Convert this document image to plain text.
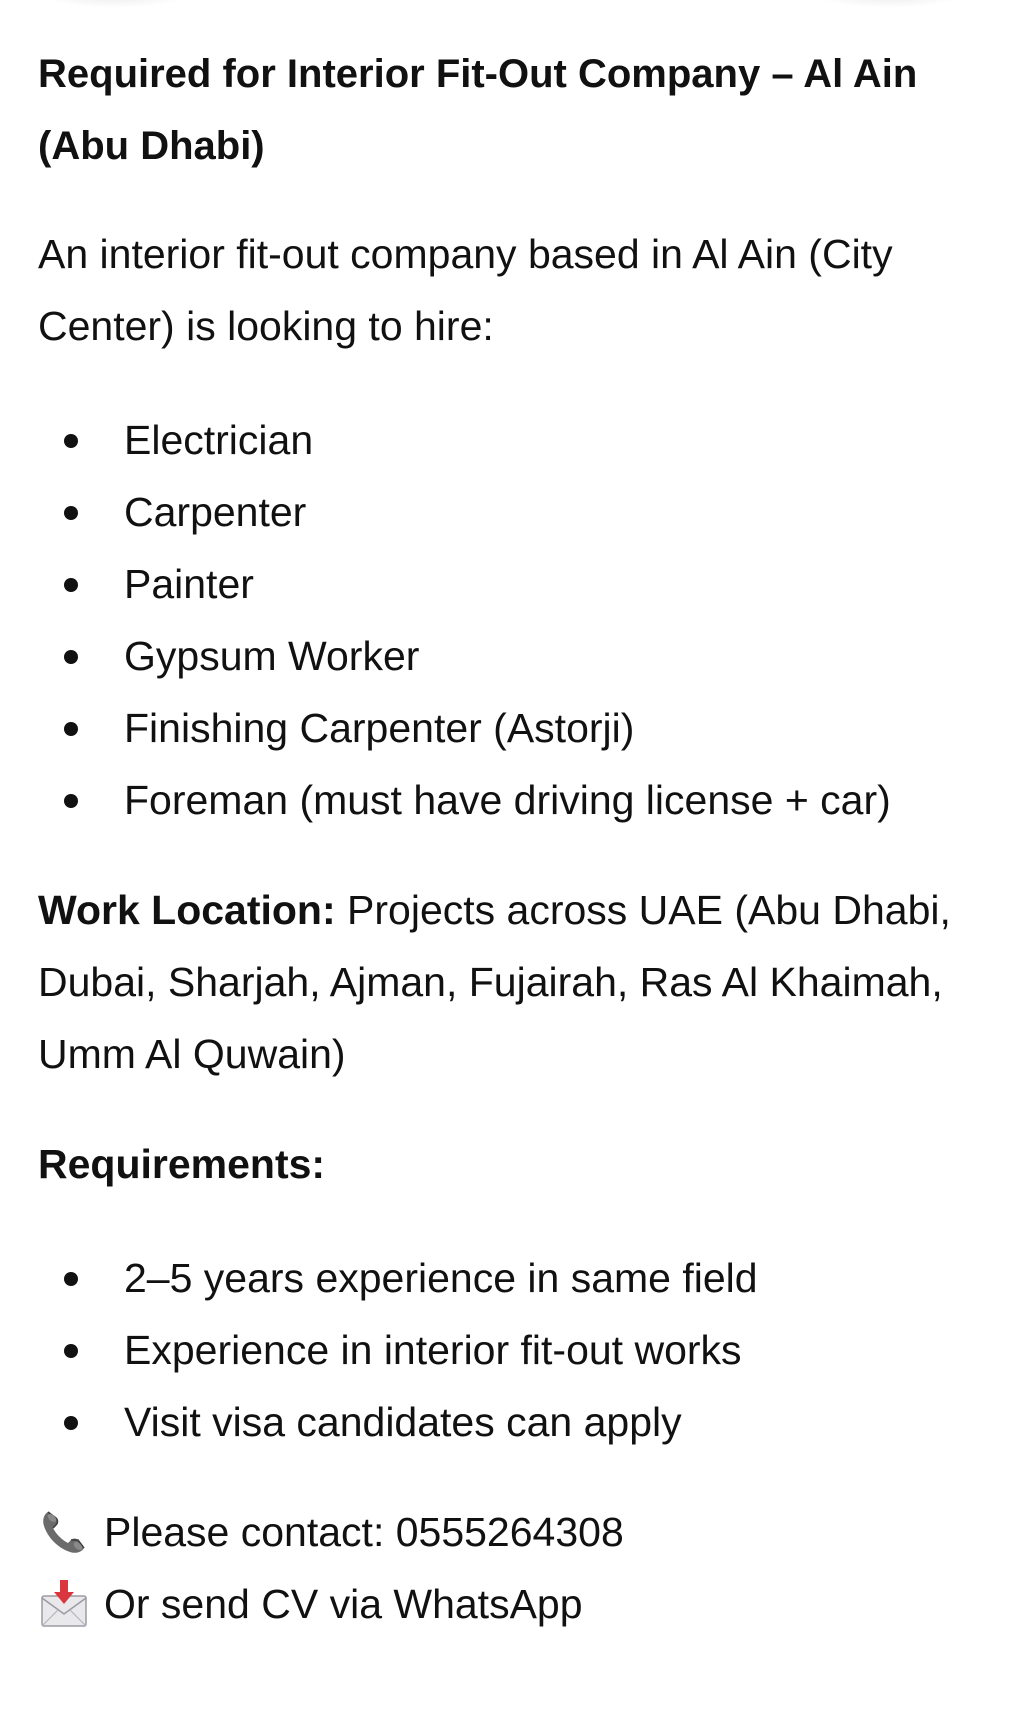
Required for Interior Fit-Out Company – Al Ain (Abu Dhabi)

An interior fit-out company based in Al Ain (City Center) is looking to hire:

Electrician
Carpenter
Painter
Gypsum Worker
Finishing Carpenter (Astorji)
Foreman (must have driving license + car)

Work Location: Projects across UAE (Abu Dhabi, Dubai, Sharjah, Ajman, Fujairah, Ras Al Khaimah, Umm Al Quwain)

Requirements:

2–5 years experience in same field
Experience in interior fit-out works
Visit visa candidates can apply
Please contact: 0555264308
Or send CV via WhatsApp
